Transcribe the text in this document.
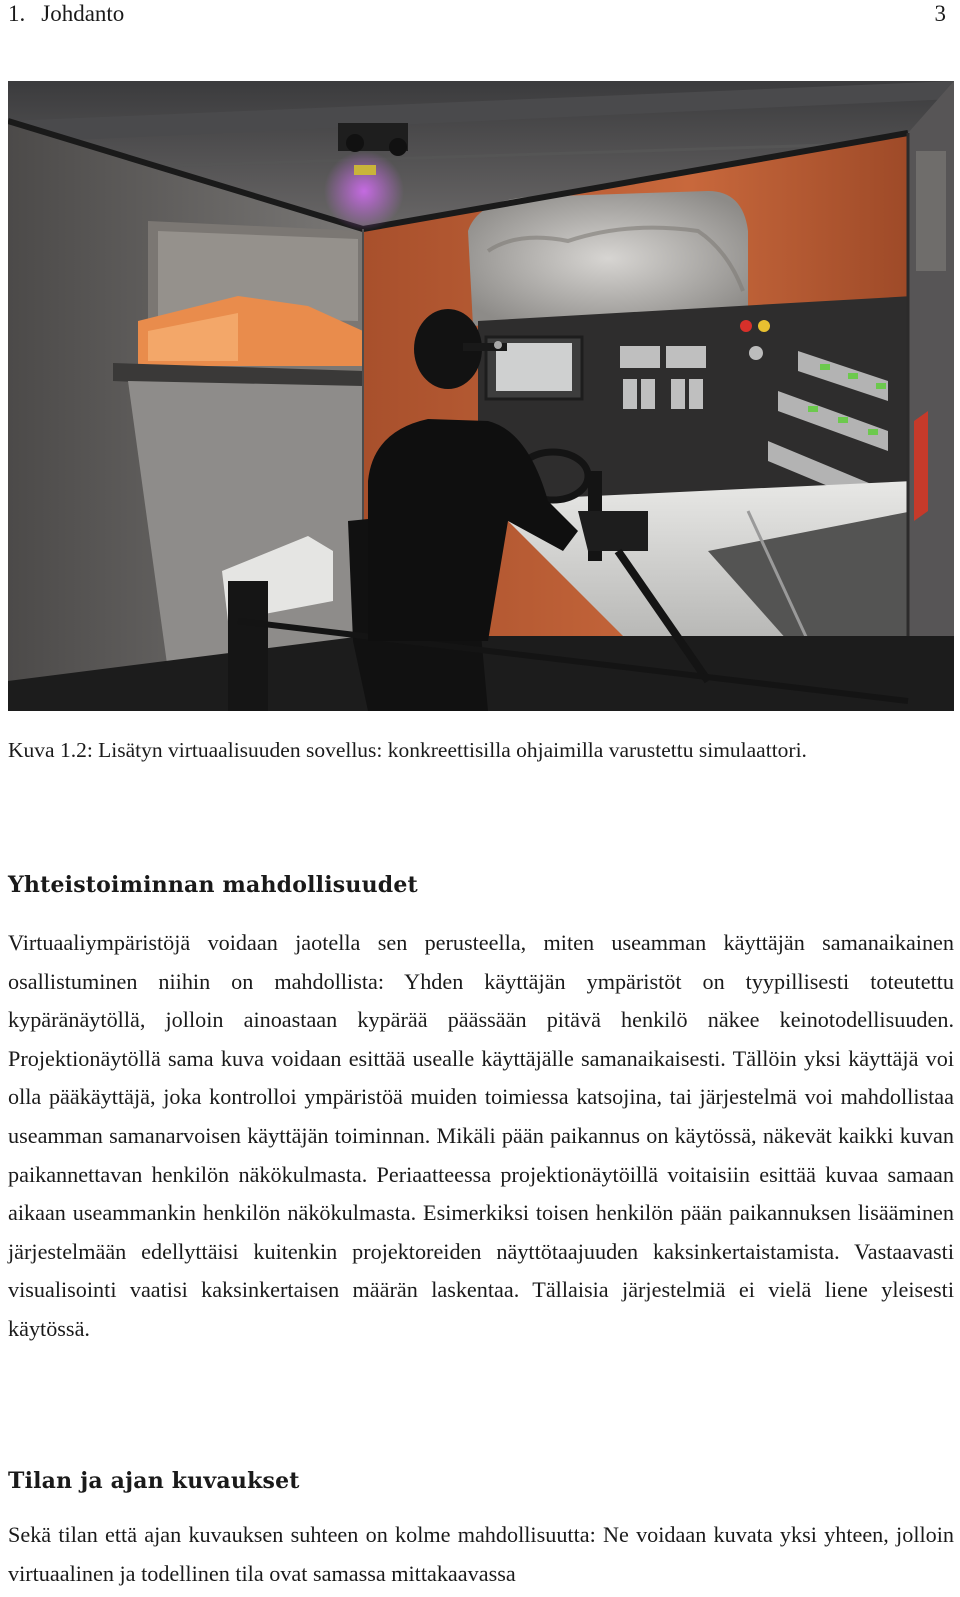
1. Johdanto	3
Kuva 1.2: Lisätyn virtuaalisuuden sovellus: konkreettisilla ohjaimilla varustettu simulaattori.
Yhteistoiminnan mahdollisuudet
Virtuaaliympäristöjä voidaan jaotella sen perusteella, miten useamman käyttäjän samanaikainen osallistuminen niihin on mahdollista: Yhden käyttäjän ympäristöt on tyypillisesti toteutettu kypäränäytöllä, jolloin ainoastaan kypärää päässään pitävä henkilö näkee keinotodellisuuden. Projektionäytöllä sama kuva voidaan esittää usealle käyttäjälle samanaikaisesti. Tällöin yksi käyttäjä voi olla pääkäyttäjä, joka kontrolloi ympäristöä muiden toimiessa katsojina, tai järjestelmä voi mahdollistaa useamman samanarvoisen käyttäjän toiminnan. Mikäli pään paikannus on käytössä, näkevät kaikki kuvan paikannettavan henkilön näkökulmasta. Periaatteessa projektionäytöillä voitaisiin esittää kuvaa samaan aikaan useammankin henkilön näkökulmasta. Esimerkiksi toisen henkilön pään paikannuksen lisääminen järjestelmään edellyttäisi kuitenkin projektoreiden näyttötaajuuden kaksinkertaistamista. Vastaavasti visualisointi vaatisi kaksinkertaisen määrän laskentaa. Tällaisia järjestelmiä ei vielä liene yleisesti käytössä.
Tilan ja ajan kuvaukset
Sekä tilan että ajan kuvauksen suhteen on kolme mahdollisuutta: Ne voidaan kuvata yksi yhteen, jolloin virtuaalinen ja todellinen tila ovat samassa mittakaavassa
